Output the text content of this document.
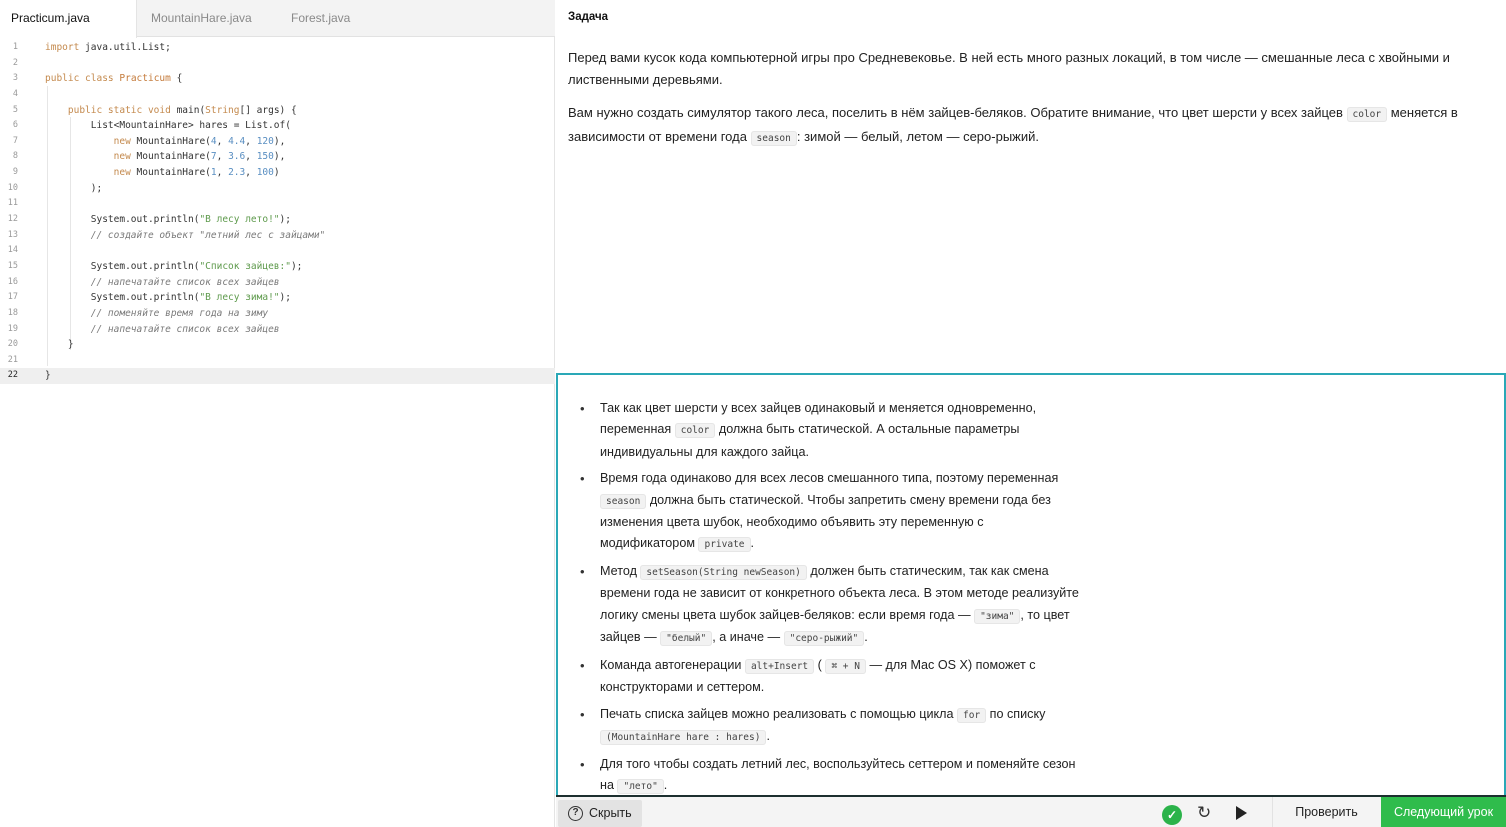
Practicum.java	MountainHare.java	Forest.java
1	import java.util.List;
2
3	public class Practicum {
4
5	public static void main(String[] args) {
6	List<MountainHare> hares = List.of(
7	new MountainHare(4, 4.4, 120),
8	new MountainHare(7, 3.6, 150),
9	new MountainHare(1, 2.3, 100)
10	);
11
12	System.out.println("В лесу лето!");
13	// создайте объект "летний лес с зайцами"
14
15	System.out.println("Список зайцев:");
16	// напечатайте список всех зайцев
17	System.out.println("В лесу зима!");
18	// поменяйте время года на зиму
19	// напечатайте список всех зайцев
20	}
21
22	}
Задача

Перед вами кусок кода компьютерной игры про Средневековье. В ней есть много разных локаций, в том числе — смешанные леса с хвойными и лиственными деревьями.

Вам нужно создать симулятор такого леса, поселить в нём зайцев-беляков. Обратите внимание, что цвет шерсти у всех зайцев color меняется в зависимости от времени года season : зимой — белый, летом — серо-рыжий.

• Так как цвет шерсти у всех зайцев одинаковый и меняется одновременно, переменная color должна быть статической. А остальные параметры индивидуальны для каждого зайца.
• Время года одинаково для всех лесов смешанного типа, поэтому переменная season должна быть статической. Чтобы запретить смену времени года без изменения цвета шубок, необходимо объявить эту переменную с модификатором private .
• Метод setSeason(String newSeason) должен быть статическим, так как смена времени года не зависит от конкретного объекта леса. В этом методе реализуйте логику смены цвета шубок зайцев-беляков: если время года — "зима" , то цвет зайцев — "белый" , а иначе — "серо-рыжий" .
• Команда автогенерации alt+Insert ( ⌘ + N — для Mac OS X) поможет с конструкторами и сеттером.
• Печать списка зайцев можно реализовать с помощью цикла for по списку (MountainHare hare : hares) .
• Для того чтобы создать летний лес, воспользуйтесь сеттером и поменяйте сезон на "лето" .
? Скрыть	✓ ↻	Проверить	Следующий урок
